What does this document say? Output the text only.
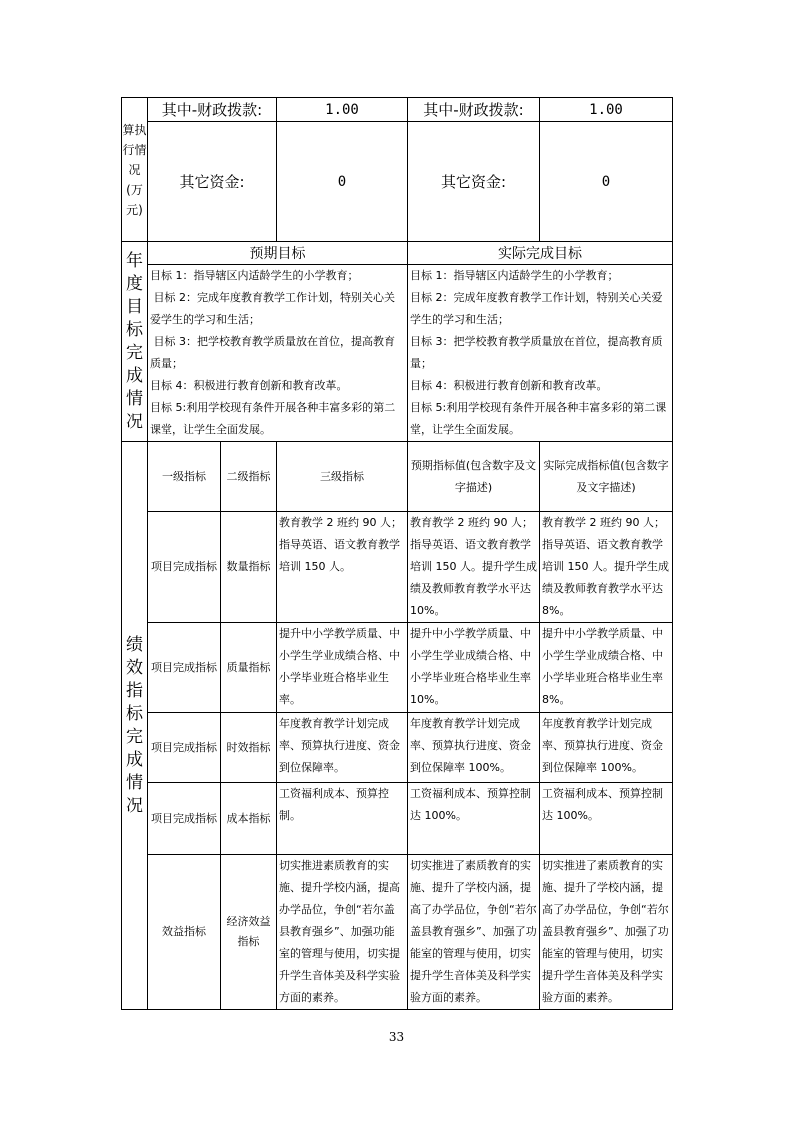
算执行情况(万元)	其中-财政拨款:		1.00	其中-财政拨款:	1.00
	其它资金:		0	其它资金:	0
年度目标完成情况	预期目标			实际完成目标	

	目标 1：指导辖区内适龄学生的小学教育；
目标 2：完成年度教育教学工作计划，特别关心关爱学生的学习和生活；
目标 3：把学校教育教学质量放在首位，提高教育质量；
目标 4：积极进行教育创新和教育改革。
目标 5:利用学校现有条件开展各种丰富多彩的第二课堂，让学生全面发展。			目标 1：指导辖区内适龄学生的小学教育；
目标 2：完成年度教育教学工作计划，特别关心关爱学生的学习和生活；
目标 3：把学校教育教学质量放在首位，提高教育质量；
目标 4：积极进行教育创新和教育改革。
目标 5:利用学校现有条件开展各种丰富多彩的第二课堂，让学生全面发展。	

绩效指标完成情况	一级指标	二级指标	三级指标	预期指标值(包含数字及文字描述)	实际完成指标值(包含数字及文字描述)
	项目完成指标	数量指标	教育教学 2 班约 90 人；指导英语、语文教育教学培训 150 人。	教育教学 2 班约 90 人；指导英语、语文教育教学培训 150 人。提升学生成绩及教师教育教学水平达 10%。	教育教学 2 班约 90 人；指导英语、语文教育教学培训 150 人。提升学生成绩及教师教育教学水平达 8%。
	项目完成指标	质量指标	提升中小学教学质量、中小学生学业成绩合格、中小学毕业班合格毕业生率。	提升中小学教学质量、中小学生学业成绩合格、中小学毕业班合格毕业生率 10%。	提升中小学教学质量、中小学生学业成绩合格、中小学毕业班合格毕业生率 8%。
	项目完成指标	时效指标	年度教育教学计划完成率、预算执行进度、资金到位保障率。	年度教育教学计划完成率、预算执行进度、资金到位保障率 100%。	年度教育教学计划完成率、预算执行进度、资金到位保障率 100%。
	项目完成指标	成本指标	工资福利成本、预算控制。	工资福利成本、预算控制达 100%。	工资福利成本、预算控制达 100%。
	效益指标	经济效益指标	切实推进素质教育的实施、提升学校内涵，提高办学品位，争创“若尔盖县教育强乡”、加强功能室的管理与使用，切实提升学生音体美及科学实验方面的素养。	切实推进了素质教育的实施、提升了学校内涵，提高了办学品位，争创“若尔盖县教育强乡”、加强了功能室的管理与使用，切实提升学生音体美及科学实验方面的素养。	切实推进了素质教育的实施、提升了学校内涵，提高了办学品位，争创“若尔盖县教育强乡”、加强了功能室的管理与使用，切实提升学生音体美及科学实验方面的素养。
33
